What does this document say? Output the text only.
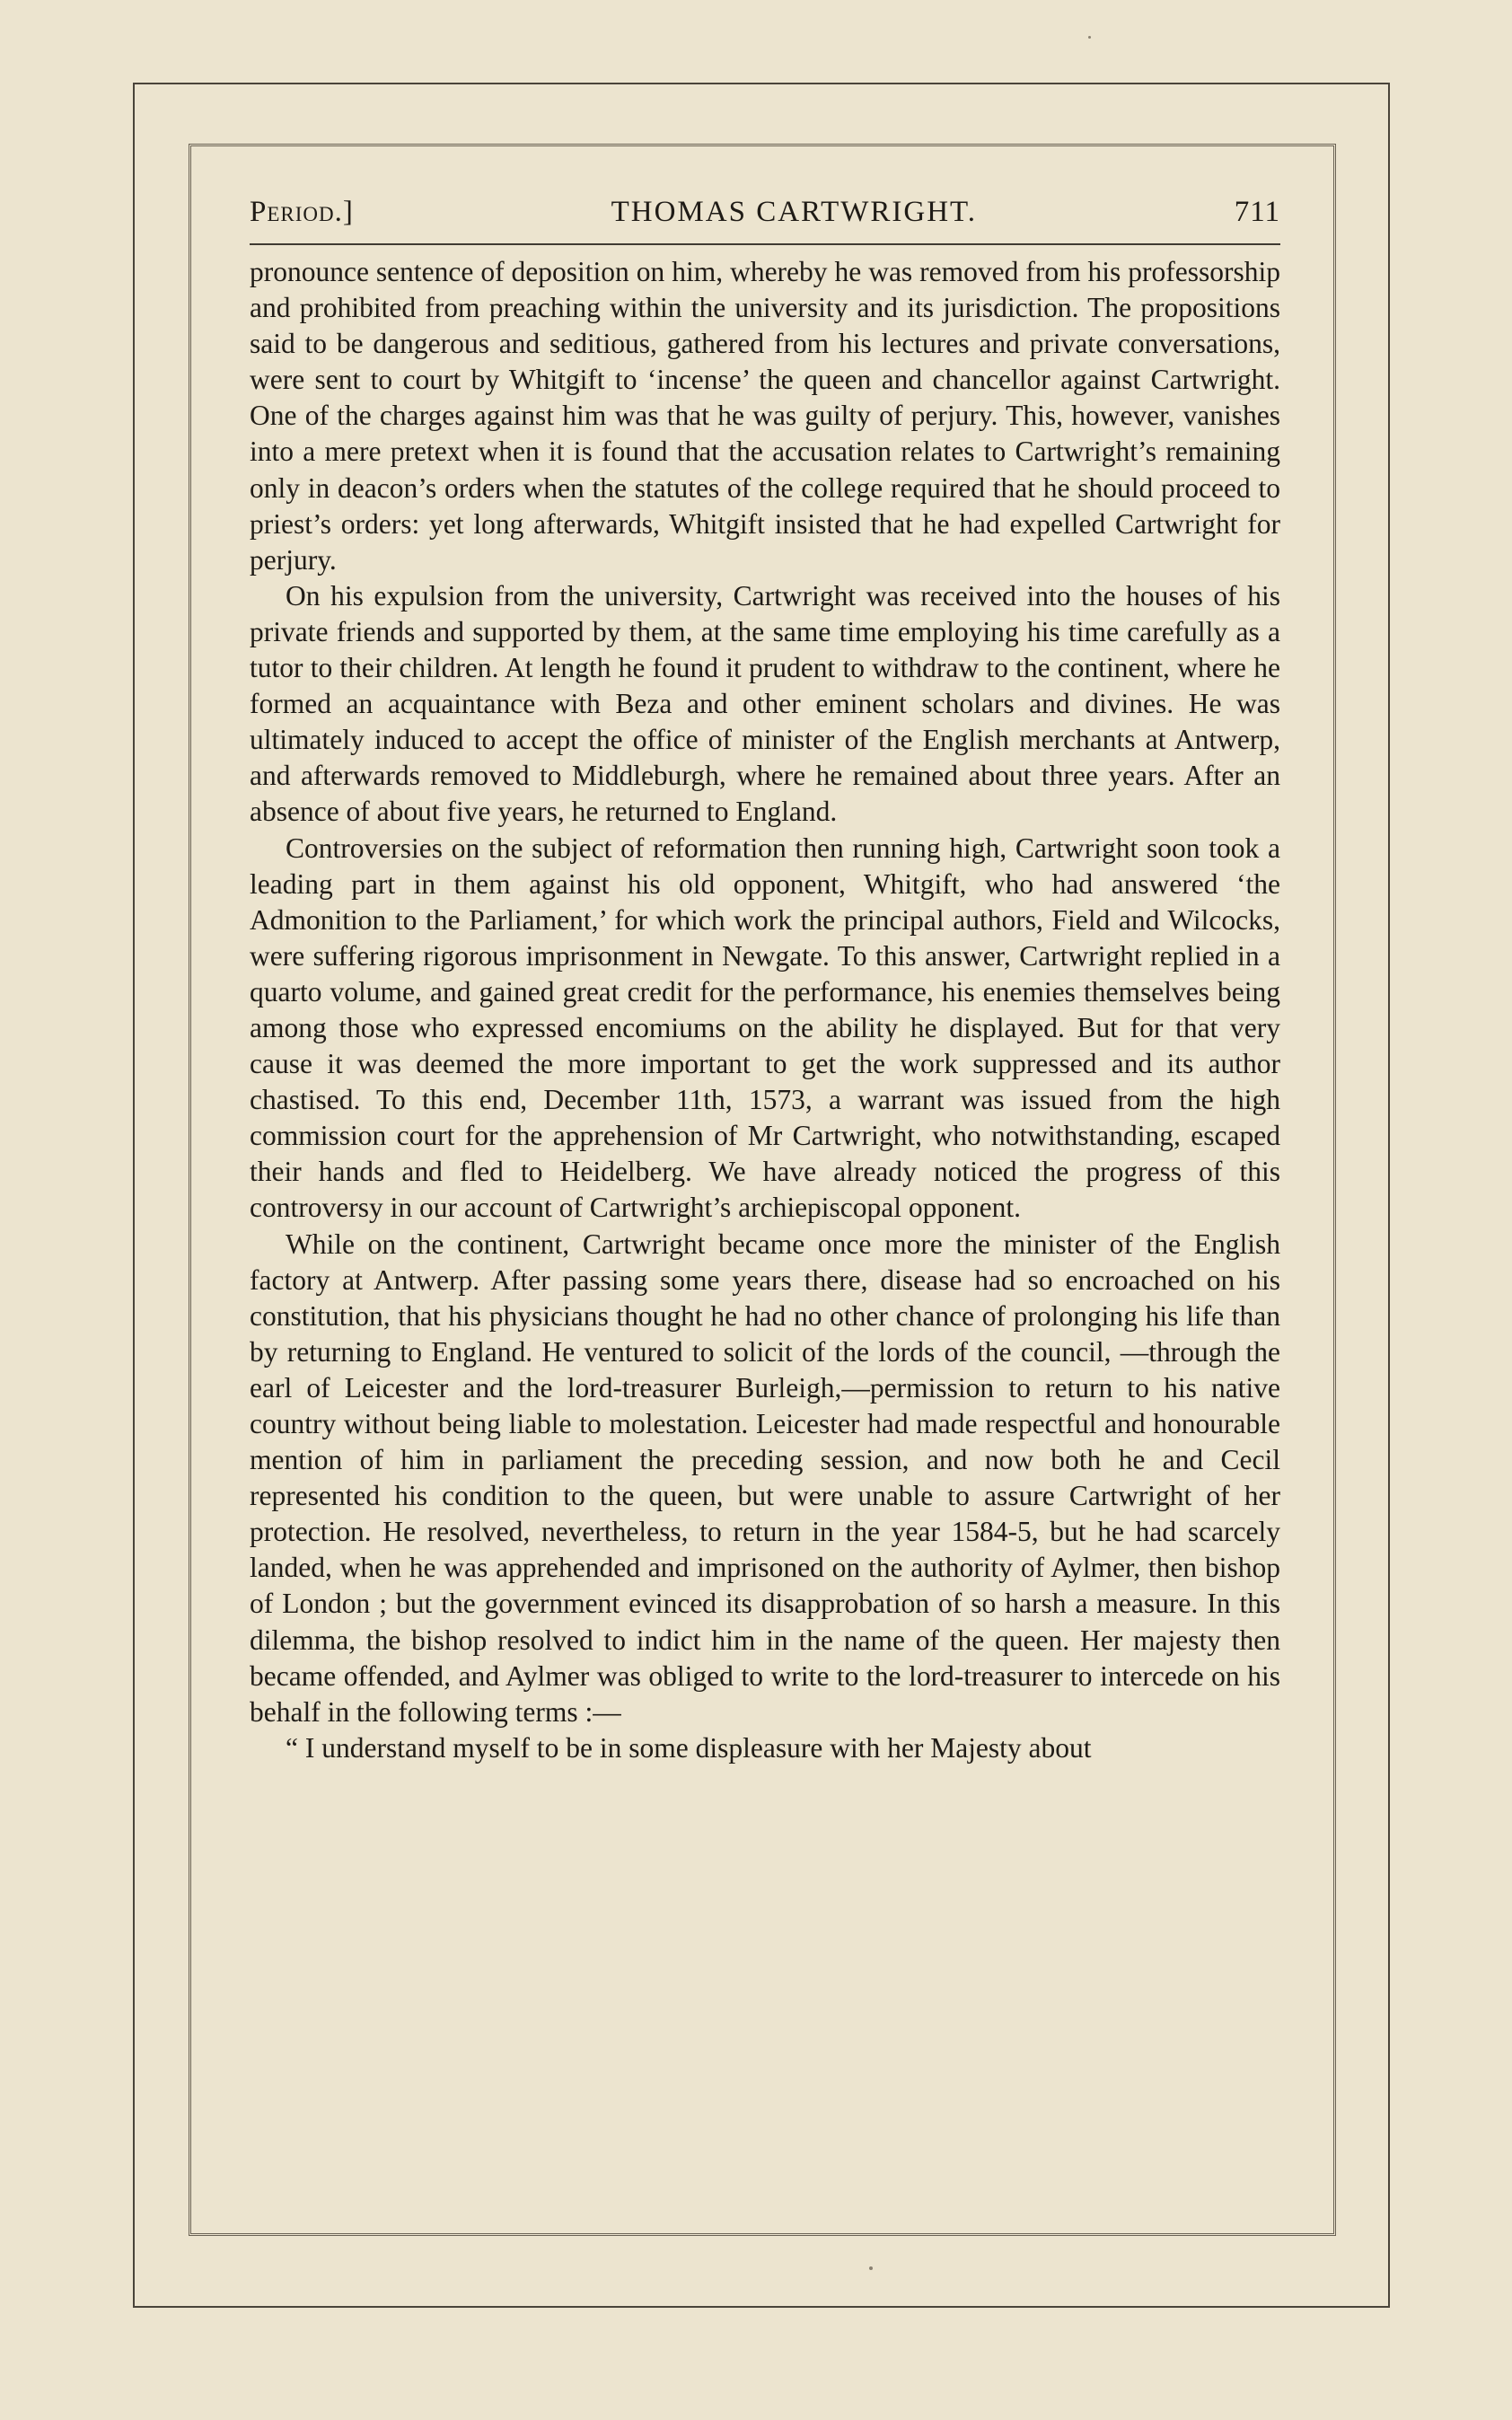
Period.]	THOMAS CARTWRIGHT.	711

pronounce sentence of deposition on him, whereby he was removed from his professorship and prohibited from preaching within the university and its jurisdiction. The propositions said to be dangerous and seditious, gathered from his lectures and private conversations, were sent to court by Whitgift to ‘incense’ the queen and chancellor against Cartwright. One of the charges against him was that he was guilty of perjury. This, however, vanishes into a mere pretext when it is found that the accusation relates to Cartwright’s remaining only in deacon’s orders when the statutes of the college required that he should proceed to priest’s orders: yet long afterwards, Whitgift insisted that he had expelled Cartwright for perjury.

On his expulsion from the university, Cartwright was received into the houses of his private friends and supported by them, at the same time employing his time carefully as a tutor to their children. At length he found it prudent to withdraw to the continent, where he formed an acquaintance with Beza and other eminent scholars and divines. He was ultimately induced to accept the office of minister of the English merchants at Antwerp, and afterwards removed to Middleburgh, where he remained about three years. After an absence of about five years, he returned to England.

Controversies on the subject of reformation then running high, Cartwright soon took a leading part in them against his old opponent, Whitgift, who had answered ‘the Admonition to the Parliament,’ for which work the principal authors, Field and Wilcocks, were suffering rigorous imprisonment in Newgate. To this answer, Cartwright replied in a quarto volume, and gained great credit for the performance, his enemies themselves being among those who expressed encomiums on the ability he displayed. But for that very cause it was deemed the more important to get the work suppressed and its author chastised. To this end, December 11th, 1573, a warrant was issued from the high commission court for the apprehension of Mr Cartwright, who notwithstanding, escaped their hands and fled to Heidelberg. We have already noticed the progress of this controversy in our account of Cartwright’s archiepiscopal opponent.

While on the continent, Cartwright became once more the minister of the English factory at Antwerp. After passing some years there, disease had so encroached on his constitution, that his physicians thought he had no other chance of prolonging his life than by returning to England. He ventured to solicit of the lords of the council, —through the earl of Leicester and the lord-treasurer Burleigh,—permission to return to his native country without being liable to molestation. Leicester had made respectful and honourable mention of him in parliament the preceding session, and now both he and Cecil represented his condition to the queen, but were unable to assure Cartwright of her protection. He resolved, nevertheless, to return in the year 1584-5, but he had scarcely landed, when he was apprehended and imprisoned on the authority of Aylmer, then bishop of London ; but the government evinced its disapprobation of so harsh a measure. In this dilemma, the bishop resolved to indict him in the name of the queen. Her majesty then became offended, and Aylmer was obliged to write to the lord-treasurer to intercede on his behalf in the following terms :—

“ I understand myself to be in some displeasure with her Majesty about
